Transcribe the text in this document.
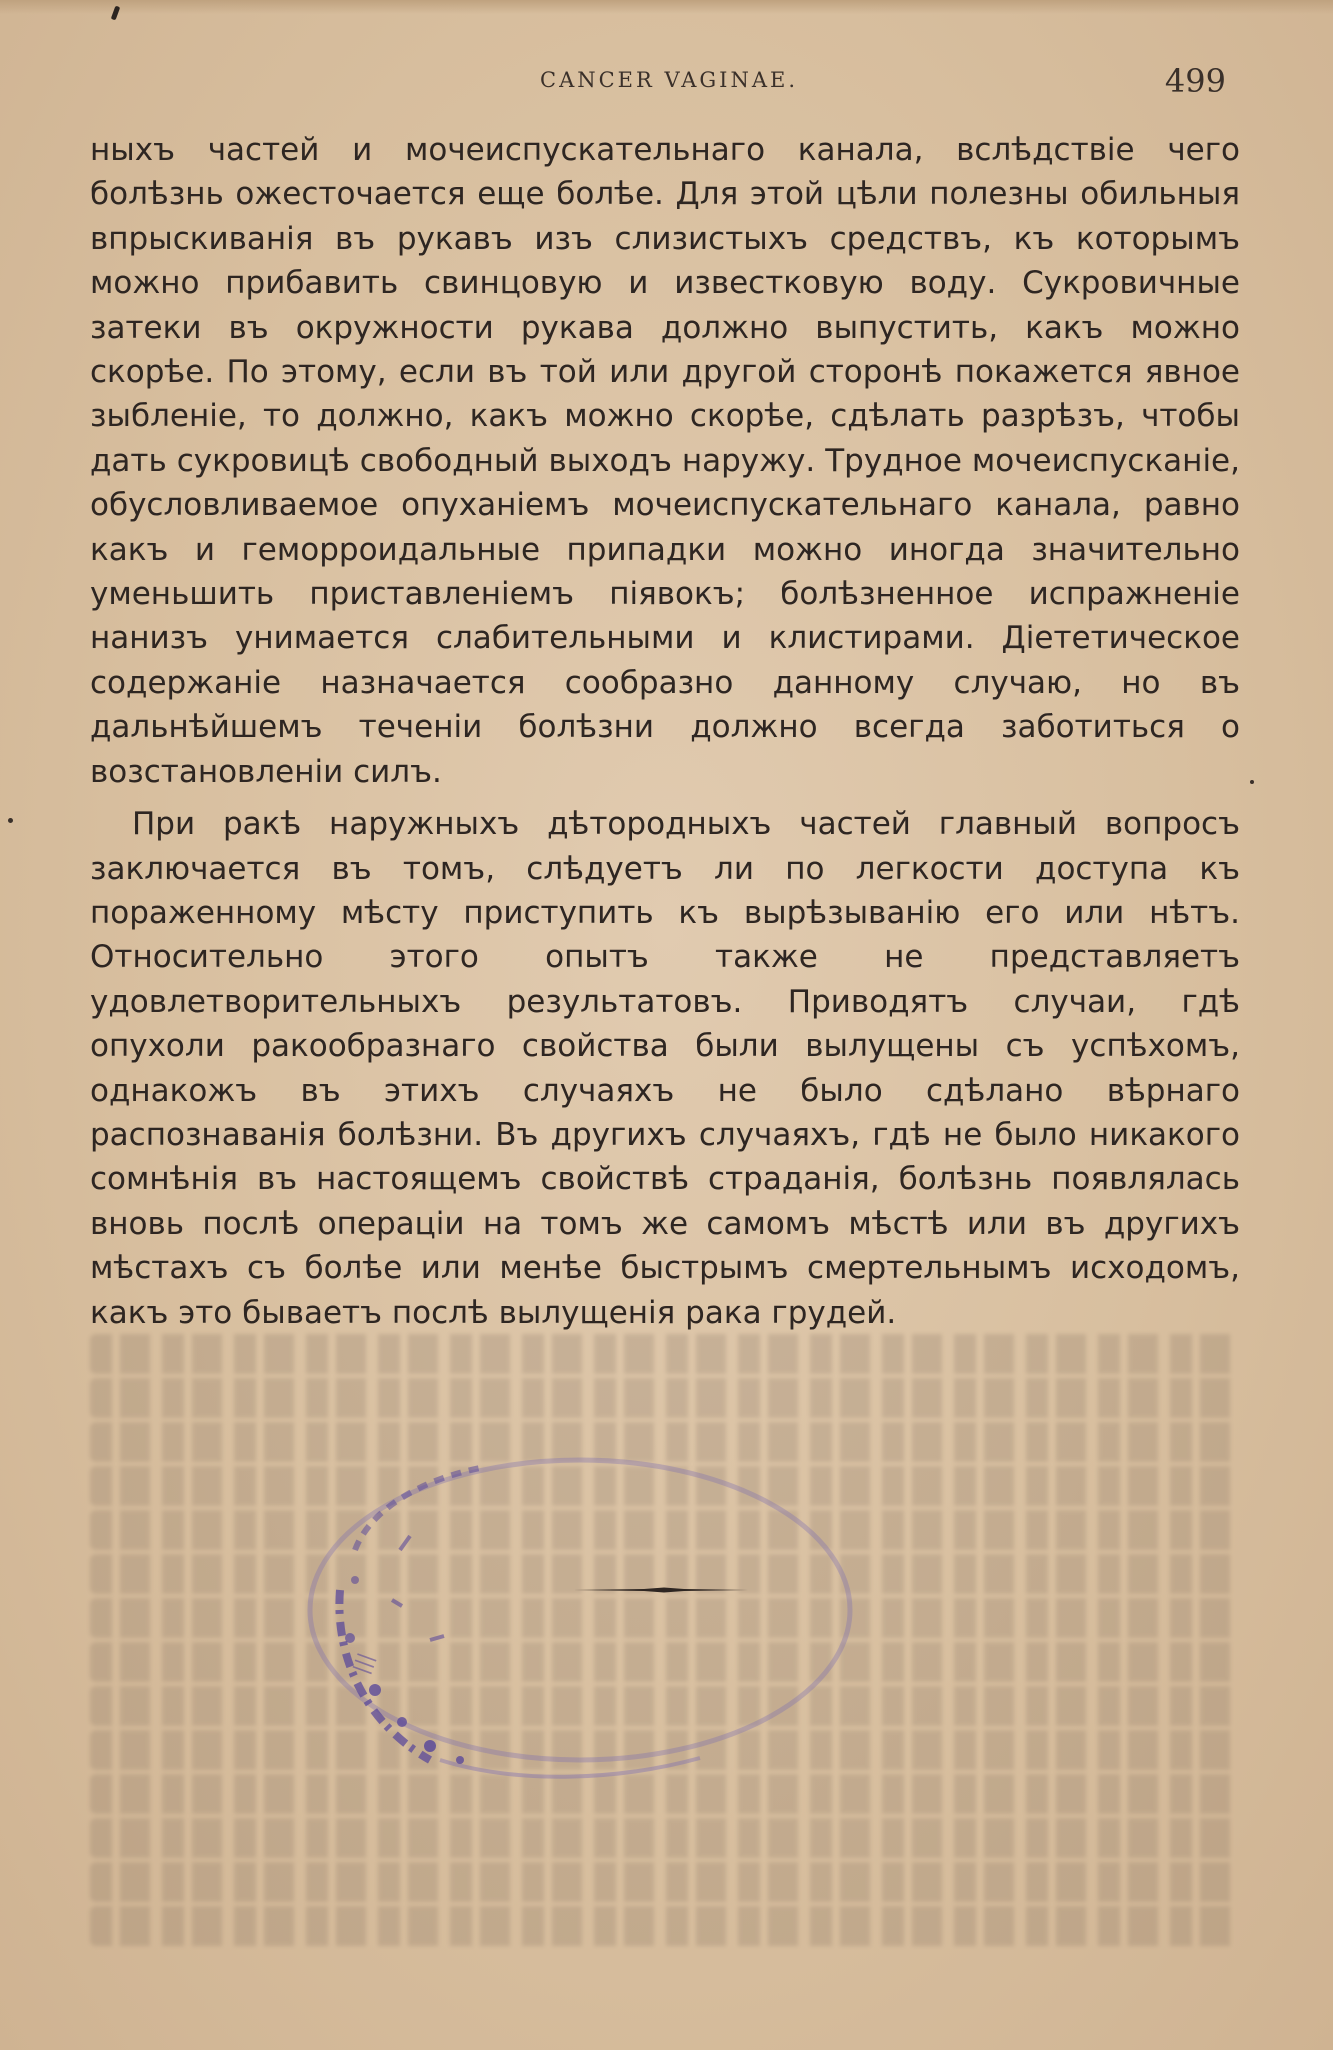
CANCER VAGINAE.	499

ныхъ частей и мочеиспускательнаго канала, вслѣдствіе чего болѣзнь ожесточается еще болѣе. Для этой цѣли полезны обильныя впрыскиванія въ рукавъ изъ слизистыхъ средствъ, къ которымъ можно прибавить свинцовую и известковую воду. Сукровичные затеки въ окружности рукава должно выпустить, какъ можно скорѣе. По этому, если въ той или другой сторонѣ покажется явное зыбленіе, то должно, какъ можно скорѣе, сдѣлать разрѣзъ, чтобы дать сукровицѣ свободный выходъ наружу. Трудное мочеиспусканіе, обусловливаемое опуханіемъ мочеиспускательнаго канала, равно какъ и геморроидальные припадки можно иногда значительно уменьшить приставленіемъ піявокъ; болѣзненное испражненіе нанизъ унимается слабительными и клистирами. Діететическое содержаніе назначается сообразно данному случаю, но въ дальнѣйшемъ теченіи болѣзни должно всегда заботиться о возстановленіи силъ.

При ракѣ наружныхъ дѣтородныхъ частей главный вопросъ заключается въ томъ, слѣдуетъ ли по легкости доступа къ пораженному мѣсту приступить къ вырѣзыванію его или нѣтъ. Относительно этого опытъ также не представляетъ удовлетворительныхъ результатовъ. Приводятъ случаи, гдѣ опухоли ракообразнаго свойства были вылущены съ успѣхомъ, однакожъ въ этихъ случаяхъ не было сдѣлано вѣрнаго распознаванія болѣзни. Въ другихъ случаяхъ, гдѣ не было никакого сомнѣнія въ настоящемъ свойствѣ страданія, болѣзнь появлялась вновь послѣ операціи на томъ же самомъ мѣстѣ или въ другихъ мѣстахъ съ болѣе или менѣе быстрымъ смертельнымъ исходомъ, какъ это бываетъ послѣ вылущенія рака грудей.

|||
